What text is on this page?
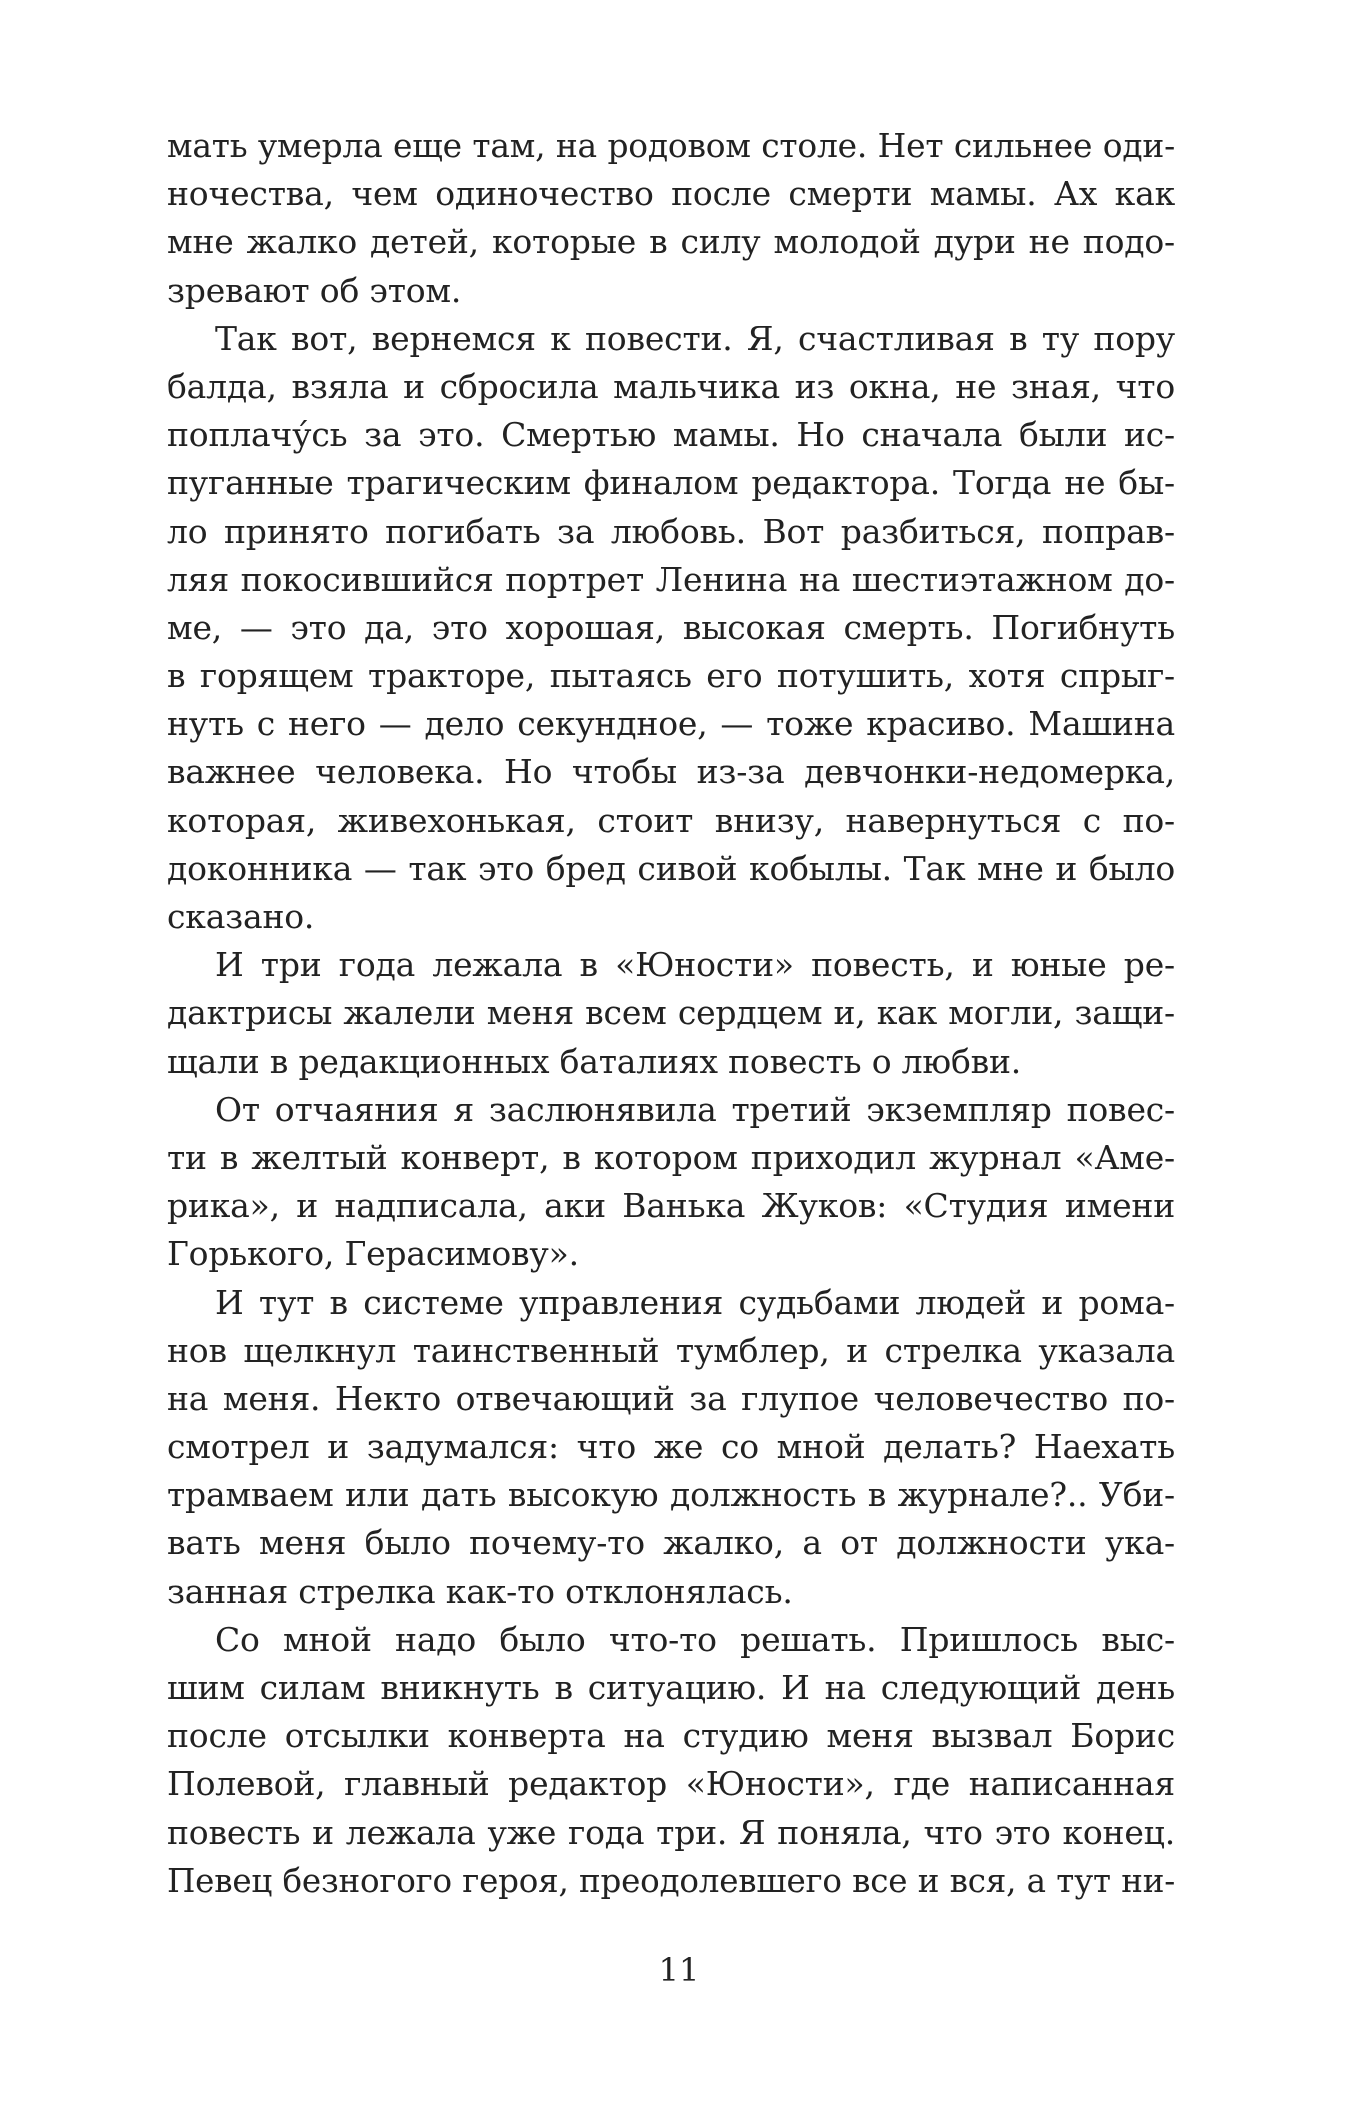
мать умерла еще там, на родовом столе. Нет сильнее оди-
ночества, чем одиночество после смерти мамы. Ах как
мне жалко детей, которые в силу молодой дури не подо-
зревают об этом.
Так вот, вернемся к повести. Я, счастливая в ту пору
балда, взяла и сбросила мальчика из окна, не зная, что
поплачу́сь за это. Смертью мамы. Но сначала были ис-
пуганные трагическим финалом редактора. Тогда не бы-
ло принято погибать за любовь. Вот разбиться, поправ-
ляя покосившийся портрет Ленина на шестиэтажном до-
ме, — это да, это хорошая, высокая смерть. Погибнуть
в горящем тракторе, пытаясь его потушить, хотя спрыг-
нуть с него — дело секундное, — тоже красиво. Машина
важнее человека. Но чтобы из-за девчонки-недомерка,
которая, живехонькая, стоит внизу, навернуться с по-
доконника — так это бред сивой кобылы. Так мне и было
сказано.
И три года лежала в «Юности» повесть, и юные ре-
дактрисы жалели меня всем сердцем и, как могли, защи-
щали в редакционных баталиях повесть о любви.
От отчаяния я заслюнявила третий экземпляр повес-
ти в желтый конверт, в котором приходил журнал «Аме-
рика», и надписала, аки Ванька Жуков: «Студия имени
Горького, Герасимову».
И тут в системе управления судьбами людей и рома-
нов щелкнул таинственный тумблер, и стрелка указала
на меня. Некто отвечающий за глупое человечество по-
смотрел и задумался: что же со мной делать? Наехать
трамваем или дать высокую должность в журнале?.. Уби-
вать меня было почему-то жалко, а от должности ука-
занная стрелка как-то отклонялась.
Со мной надо было что-то решать. Пришлось выс-
шим силам вникнуть в ситуацию. И на следующий день
после отсылки конверта на студию меня вызвал Борис
Полевой, главный редактор «Юности», где написанная
повесть и лежала уже года три. Я поняла, что это конец.
Певец безногого героя, преодолевшего все и вся, а тут ни-
11
